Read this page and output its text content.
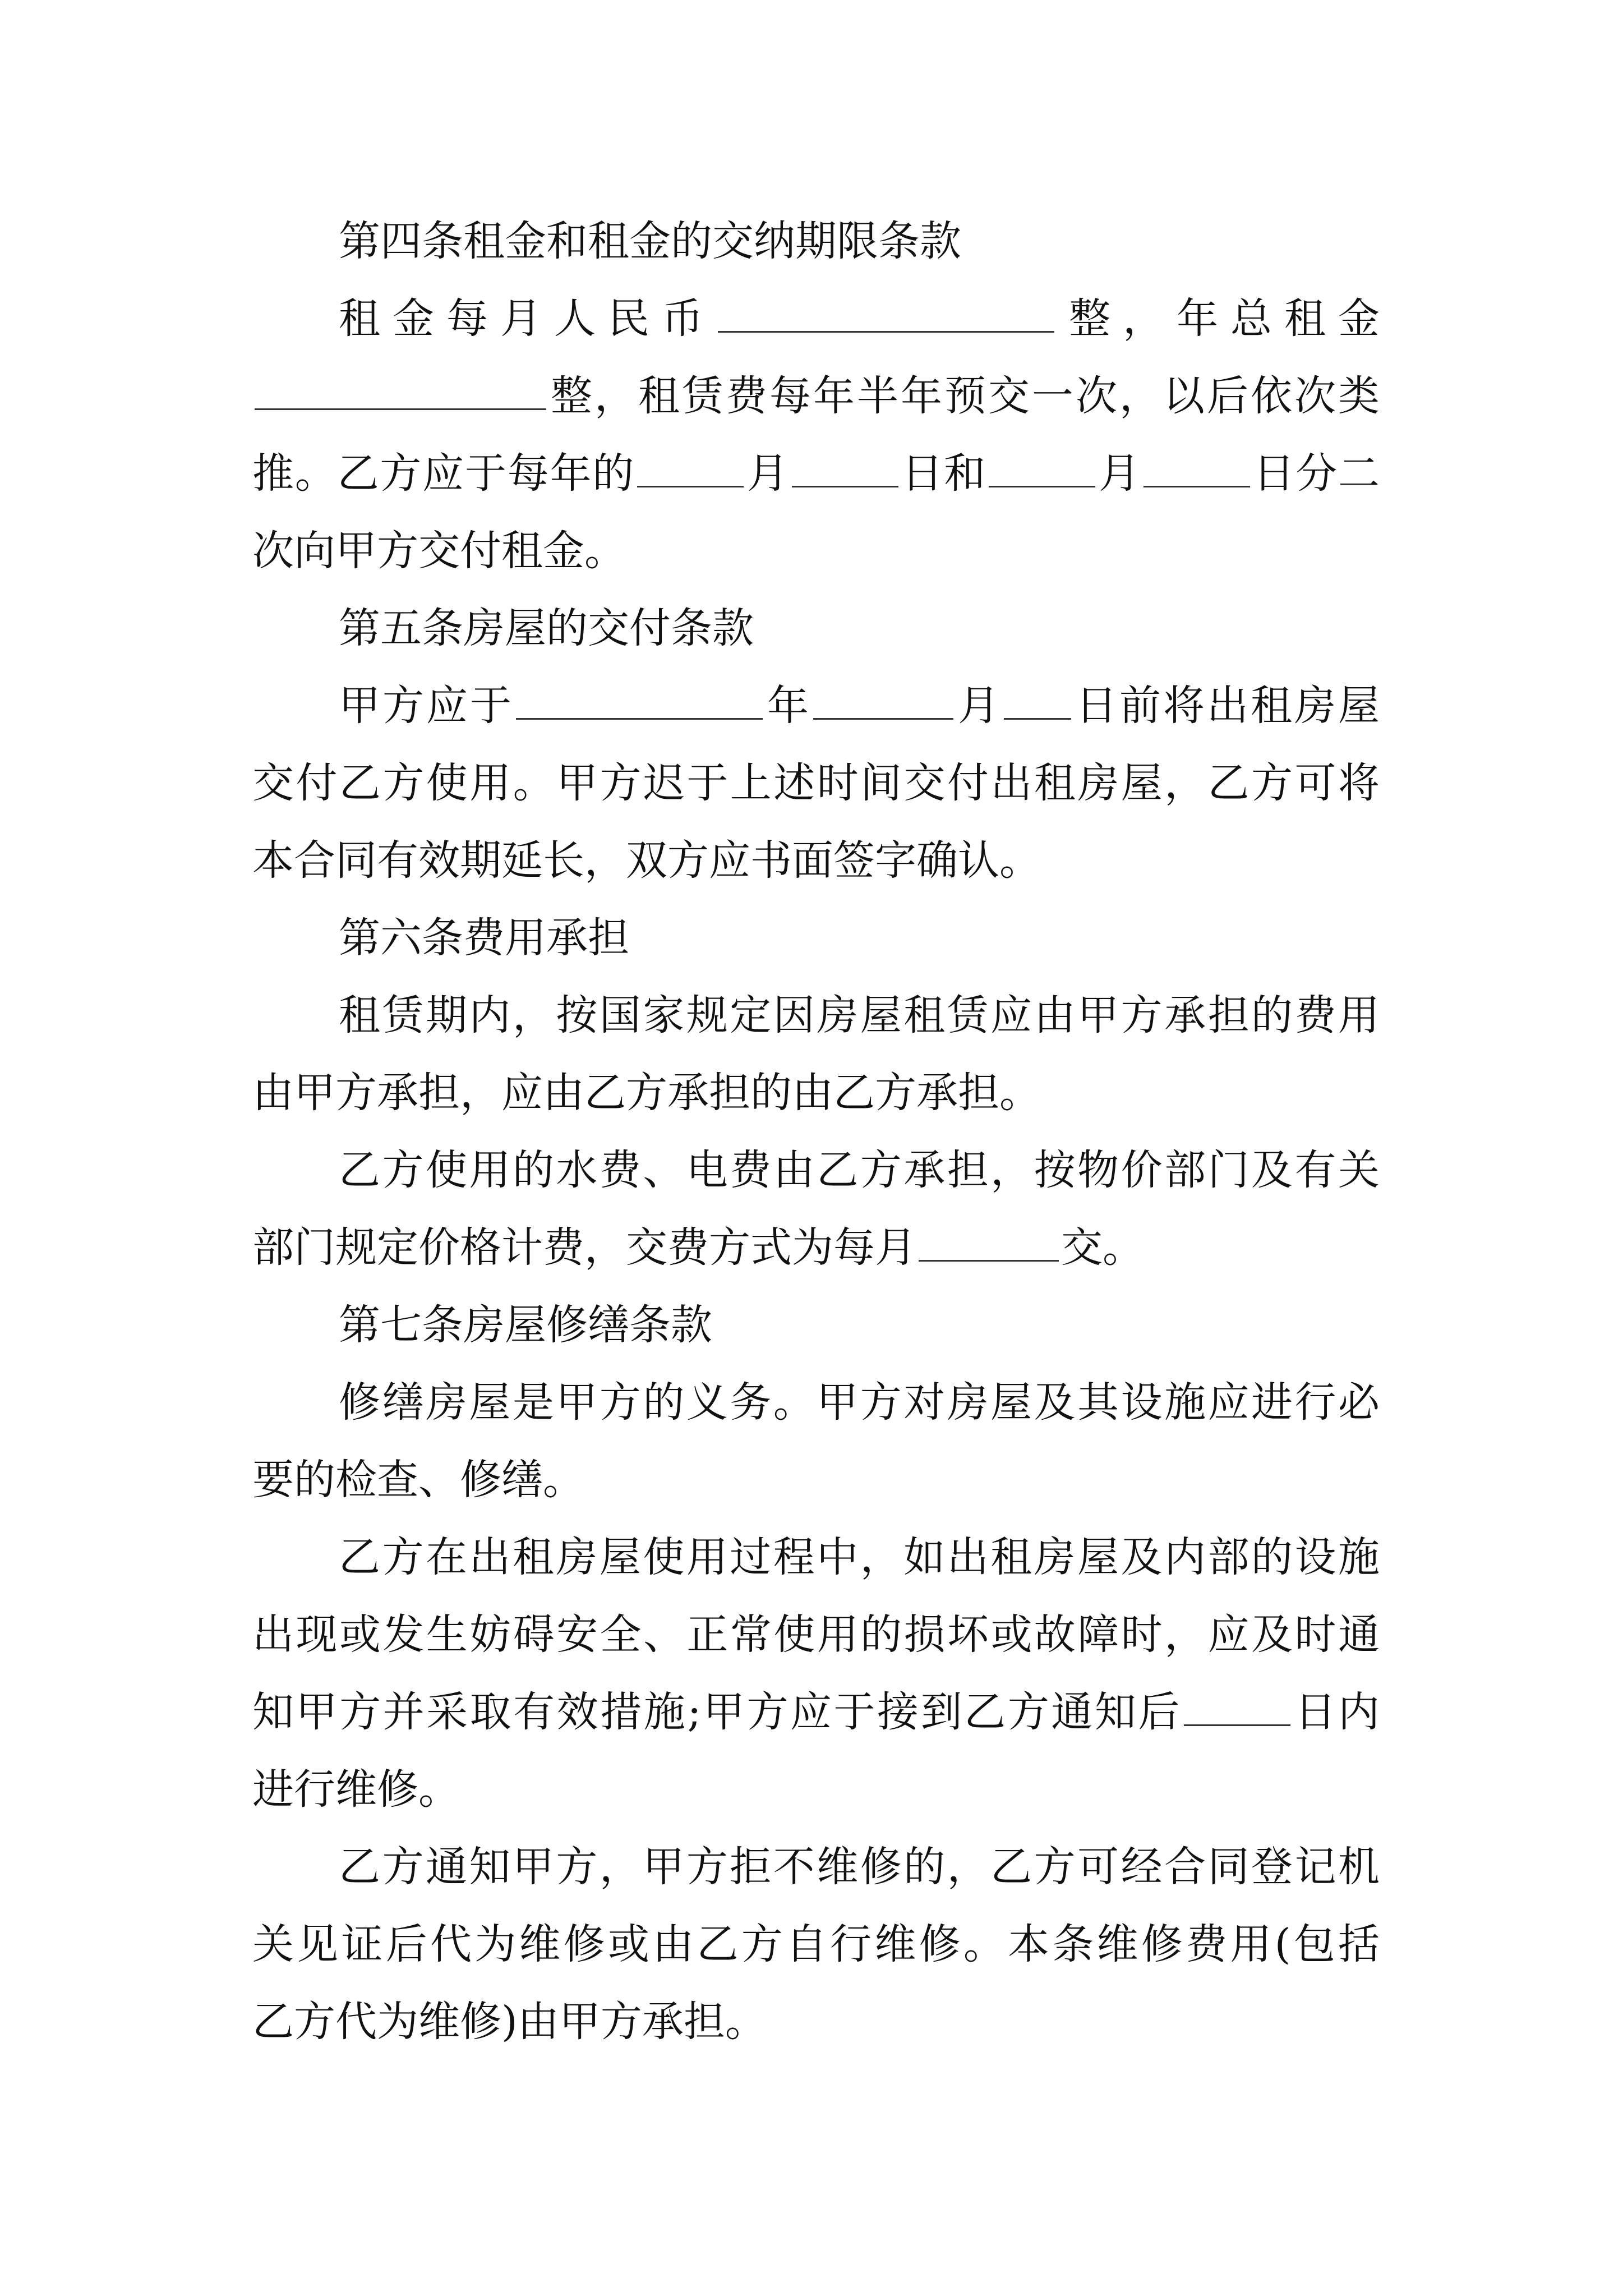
第四条租金和租金的交纳期限条款
租金每月人民币	整，年总租金
整，租赁费每年半年预交一次，以后依次类
推。乙方应于每年的	月	日和	月	日分二
次向甲方交付租金。
第五条房屋的交付条款
甲方应于	年	月 日前将出租房屋
交付乙方使用。甲方迟于上述时间交付出租房屋，乙方可将
本合同有效期延长，双方应书面签字确认。
第六条费用承担
租赁期内，按国家规定因房屋租赁应由甲方承担的费用
由甲方承担，应由乙方承担的由乙方承担。
乙方使用的水费、电费由乙方承担，按物价部门及有关
部门规定价格计费，交费方式为每月	交。
第七条房屋修缮条款
修缮房屋是甲方的义务。甲方对房屋及其设施应进行必
要的检查、修缮。
乙方在出租房屋使用过程中，如出租房屋及内部的设施
出现或发生妨碍安全、正常使用的损坏或故障时，应及时通
知甲方并采取有效措施;甲方应于接到乙方通知后	日内
进行维修。
乙方通知甲方，甲方拒不维修的，乙方可经合同登记机
关见证后代为维修或由乙方自行维修。本条维修费用(包括
乙方代为维修)由甲方承担。
